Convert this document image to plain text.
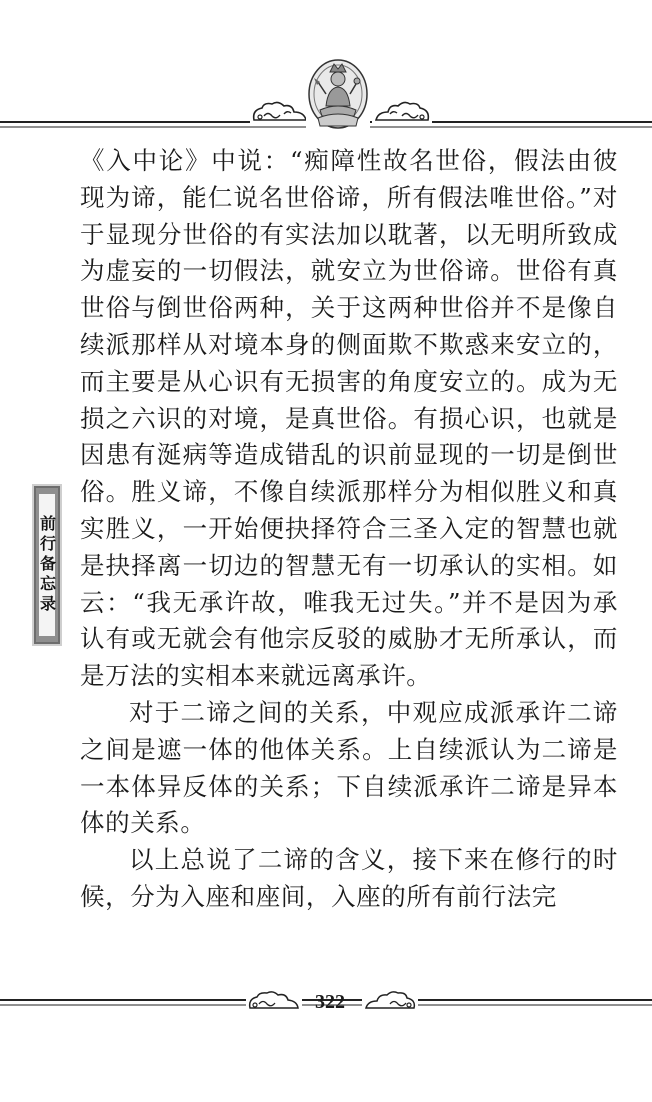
前行备忘录

《入中论》中说：“痴障性故名世俗，假法由彼现为谛，能仁说名世俗谛，所有假法唯世俗。”对于显现分世俗的有实法加以耽著，以无明所致成为虚妄的一切假法，就安立为世俗谛。世俗有真世俗与倒世俗两种，关于这两种世俗并不是像自续派那样从对境本身的侧面欺不欺惑来安立的，而主要是从心识有无损害的角度安立的。成为无损之六识的对境，是真世俗。有损心识，也就是因患有涎病等造成错乱的识前显现的一切是倒世俗。胜义谛，不像自续派那样分为相似胜义和真实胜义，一开始便抉择符合三圣入定的智慧也就是抉择离一切边的智慧无有一切承认的实相。如云：“我无承许故，唯我无过失。”并不是因为承认有或无就会有他宗反驳的威胁才无所承认，而是万法的实相本来就远离承许。

对于二谛之间的关系，中观应成派承许二谛之间是遮一体的他体关系。上自续派认为二谛是一本体异反体的关系；下自续派承许二谛是异本体的关系。

以上总说了二谛的含义，接下来在修行的时候，分为入座和座间，入座的所有前行法完

322
